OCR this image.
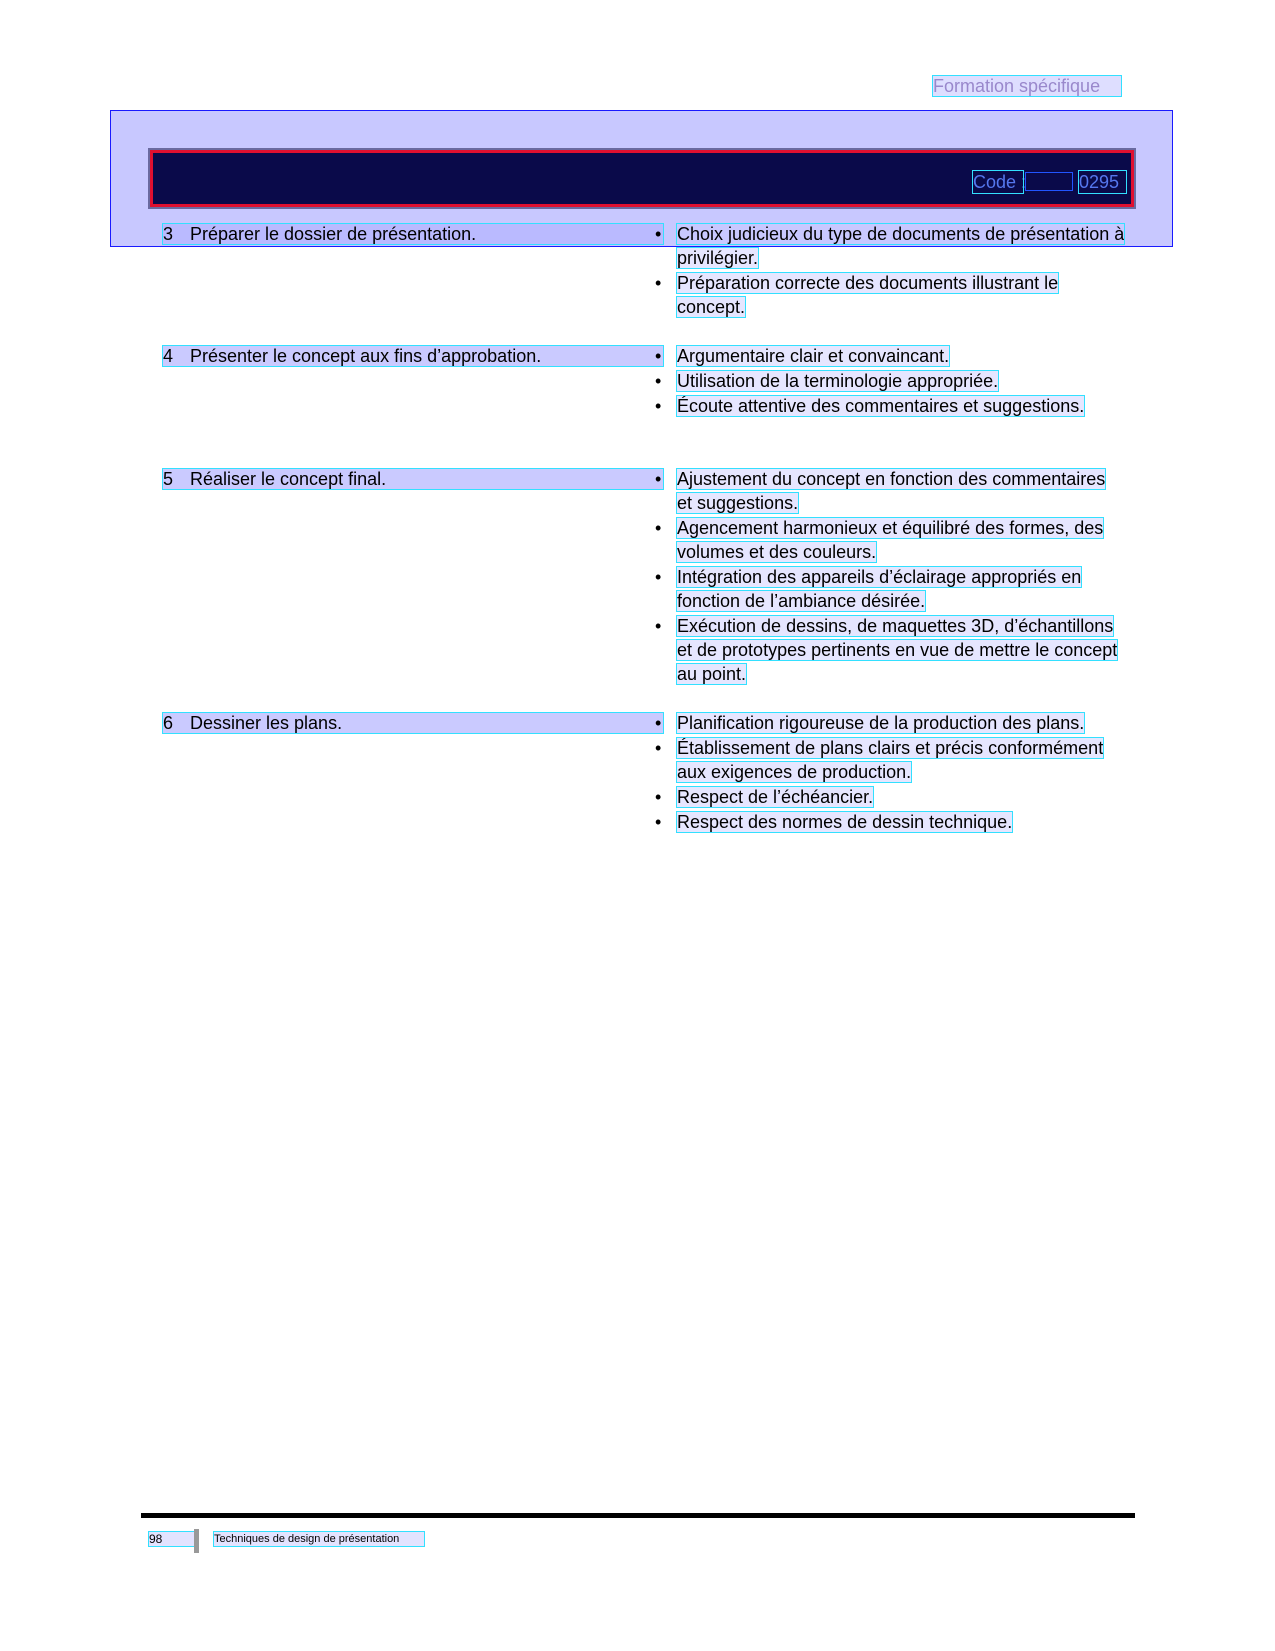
Formation spécifique
Code :	0295
3 Préparer le dossier de présentation.	• Choix judicieux du type de documents de présentation à privilégier.
• Préparation correcte des documents illustrant le concept.
4 Présenter le concept aux fins d’approbation.	• Argumentaire clair et convaincant.
• Utilisation de la terminologie appropriée.
• Écoute attentive des commentaires et suggestions.
5 Réaliser le concept final.	• Ajustement du concept en fonction des commentaires et suggestions.
• Agencement harmonieux et équilibré des formes, des volumes et des couleurs.
• Intégration des appareils d’éclairage appropriés en fonction de l’ambiance désirée.
• Exécution de dessins, de maquettes 3D, d’échantillons et de prototypes pertinents en vue de mettre le concept au point.
6 Dessiner les plans.	• Planification rigoureuse de la production des plans.
• Établissement de plans clairs et précis conformément aux exigences de production.
• Respect de l’échéancier.
• Respect des normes de dessin technique.
98	Techniques de design de présentation
